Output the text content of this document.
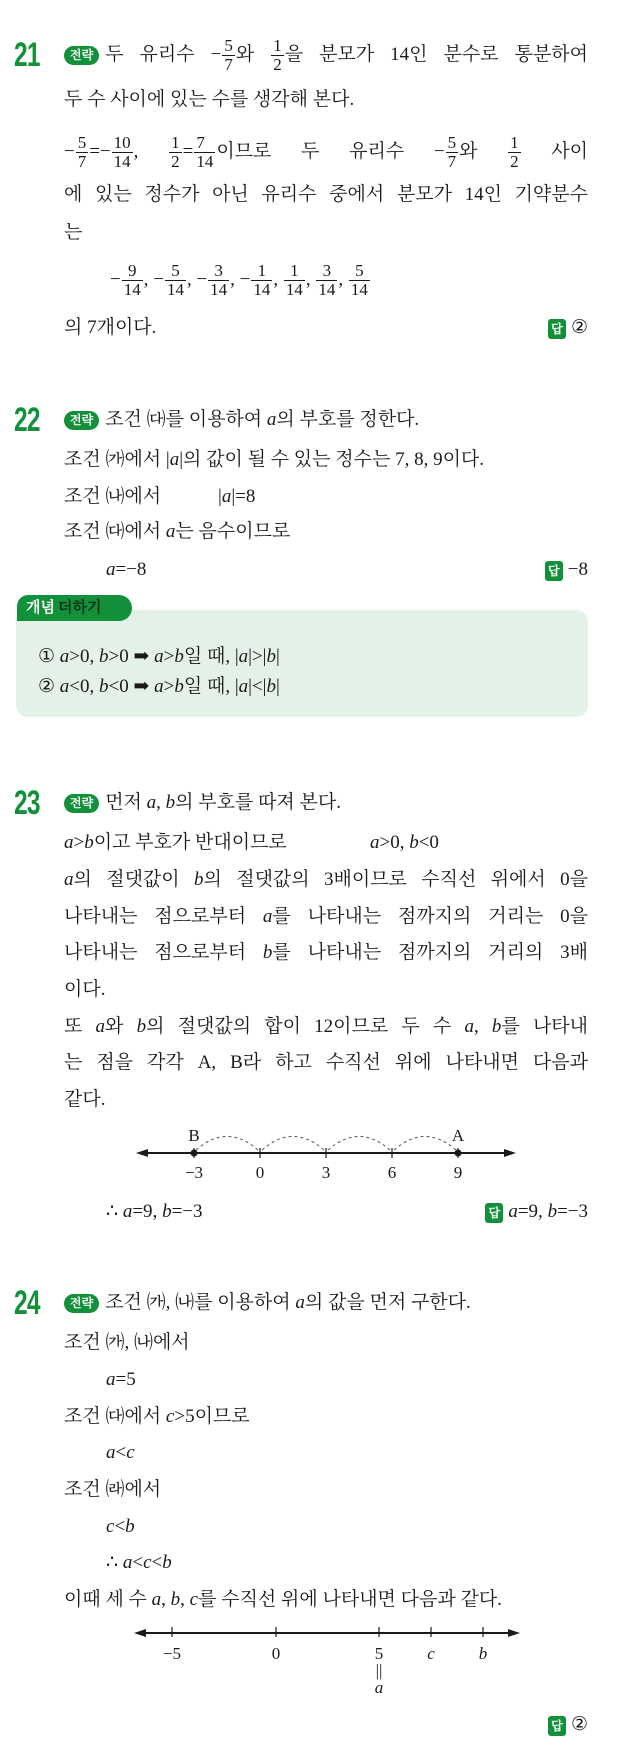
21	전략 두 유리수 − $\frac{5}{7}$ 와 $\frac{1}{2}$ 을 분모가 14인 분수로 통분하여
두 수 사이에 있는 수를 생각해 본다.
− $\frac{5}{7} =- \frac{10}{14}$ , $\frac{1}{2} = \frac{7}{14}$ 이므로 두 유리수 − $\frac{5}{7}$ 와 $\frac{1}{2}$ 사이
에 있는 정수가 아닌 유리수 중에서 분모가 14인 기약분수
는
− $\frac{9}{14}$ , − $\frac{5}{14}$ , − $\frac{3}{14}$ , − $\frac{1}{14}$ , $\frac{1}{14}$ , $\frac{3}{14}$ , $\frac{5}{14}$
의 7개이다.	답 ②
22	전략 조건 ㈐를 이용하여 a의 부호를 정한다.
조건 ㈎에서 |a|의 값이 될 수 있는 정수는 7, 8, 9이다.
조건 ㈏에서	|a|=8
조건 ㈐에서 a는 음수이므로
a=−8	답 −8
개념 더하기
① a>0, b>0 ➡ a>b일 때, |a|>|b|
② a<0, b<0 ➡ a>b일 때, |a|<|b|
23	전략 먼저 a, b의 부호를 따져 본다.
a>b이고 부호가 반대이므로	a>0, b<0
a의 절댓값이 b의 절댓값의 3배이므로 수직선 위에서 0을
나타내는 점으로부터 a를 나타내는 점까지의 거리는 0을
나타내는 점으로부터 b를 나타내는 점까지의 거리의 3배
이다.
또 a와 b의 절댓값의 합이 12이므로 두 수 a, b를 나타내
는 점을 각각 A, B라 하고 수직선 위에 나타내면 다음과
같다.
∴ a=9, b=−3	답 a=9, b=−3
24	전략 조건 ㈎, ㈏를 이용하여 a의 값을 먼저 구한다.
조건 ㈎, ㈏에서
a=5
조건 ㈐에서 c>5이므로
a<c
조건 ㈑에서
c<b
∴ a<c<b
이때 세 수 a, b, c를 수직선 위에 나타내면 다음과 같다.
답 ②
−3	0	3	6	9
B	A
−5	0	5	c	b
||
a
